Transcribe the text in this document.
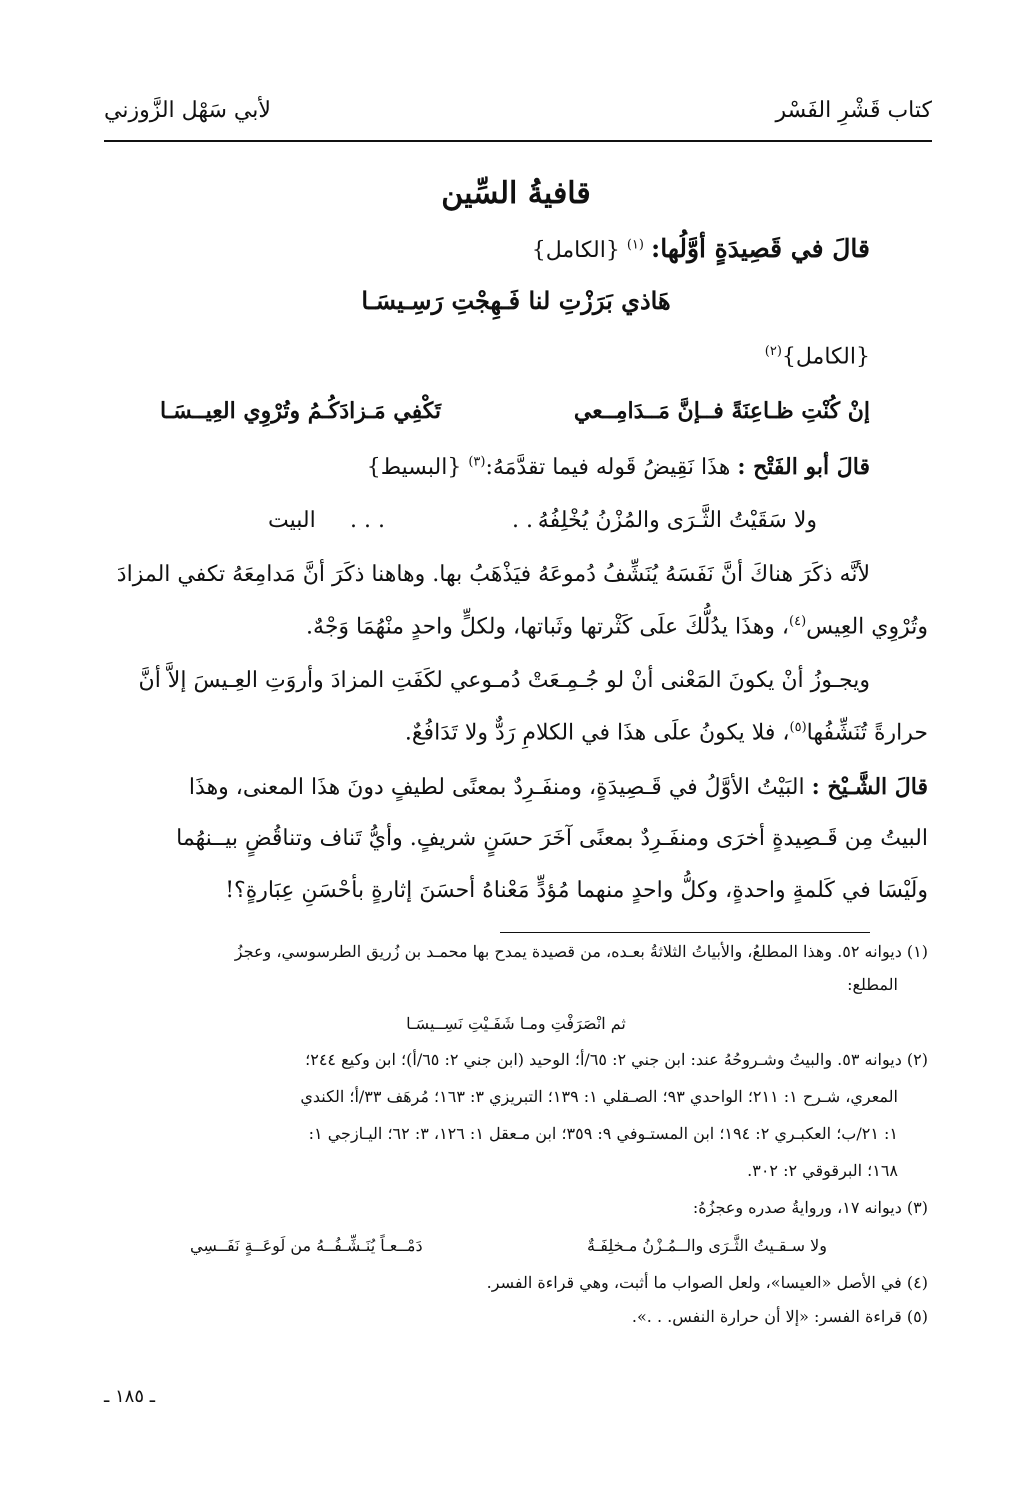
كتاب قَشْرِ الفَسْر
لأبي سَهْل الزَّوزني
قافيةُ السِّين
قالَ في قَصِيدَةٍ أوَّلُها: $^{(١)}$ {الكامل}
هَاذي بَرَزْتِ لنا فَـهِجْتِ رَسِـيسَـا
{الكامل}$^{(٢)}$
إنْ كُنْتِ ظـاعِنَةً فــإنَّ مَــدَامِــعي
تَكْفِي مَـزادَكُـمُ وتُرْوِي العِيــسَـا
قالَ أبو الفَتْح : هذَا نَقِيضُ قَوله فيما تقدَّمَهُ:$^{(٣)}$ {البسيط}
ولا سَقَيْتُ الثَّـرَى والمُزْنُ يُخْلِفُهُ
. . .
. . .
البيت
لأنَّه ذكَرَ هناكَ أنَّ نَفَسَهُ يُنَشِّفُ دُموعَهُ فيَذْهَبُ بها. وهاهنا ذكَرَ أنَّ مَدامِعَهُ تكفي المزادَ
وتُرْوِي العِيس$^{(٤)}$، وهذَا يدُلُّكَ علَى كَثْرتها وثَباتها، ولكلٍّ واحدٍ منْهُمَا وَجْهٌ.
ويجـوزُ أنْ يكونَ المَعْنى أنْ لو جُـمِـعَتْ دُمـوعي لكَفَتِ المزادَ وأروَتِ العِـيسَ إلاَّ أنَّ
حرارةً تُنَشِّفُها$^{(٥)}$، فلا يكونُ علَى هذَا في الكلامِ رَدٌّ ولا تَدَافُعٌ.
قالَ الشَّـيْخ : البَيْتُ الأوَّلُ في قَـصِيدَةٍ، ومنفَـرِدٌ بمعنًى لطيفٍ دونَ هذَا المعنى، وهذَا
البيتُ مِن قَـصِيدةٍ أخرَى ومنفَـرِدٌ بمعنًى آخَرَ حسَنٍ شريفٍ. وأيُّ تَناف وتناقُضٍ بيــنهُما
ولَيْسَا في كَلمةٍ واحدةٍ، وكلُّ واحدٍ منهما مُؤدٍّ مَعْناهُ أحسَنَ إثارةٍ بأحْسَنِ عِبَارةٍ؟!
(١) ديوانه ٥٢. وهذا المطلعُ، والأبياتُ الثلاثةُ بعـده، من قصيدة يمدح بها محمـد بن زُريق الطرسوسي، وعجزُ
المطلع:
ثم انْصَرَفْتِ ومـا شَفَـيْتِ نَسِــيسَـا
(٢) ديوانه ٥٣. والبيتُ وشـروحُهُ عند: ابن جني ٢: ٦٥/أ؛ الوحيد (ابن جني ٢: ٦٥/أ)؛ ابن وكيع ٢٤٤؛
المعري، شـرح ١: ٢١١؛ الواحدي ٩٣؛ الصـقلي ١: ١٣٩؛ التبريزي ٣: ١٦٣؛ مُرهَف ٣٣/أ؛ الكندي
١: ٢١/ب؛ العكبـري ٢: ١٩٤؛ ابن المستـوفي ٩: ٣٥٩؛ ابن مـعقل ١: ١٢٦، ٣: ٦٢؛ اليـازجي ١:
١٦٨؛ البرقوقي ٢: ٣٠٢.
(٣) ديوانه ١٧، وروايةُ صدره وعجزُهُ:
ولا سـقـيتُ الثَّـرَى والــمُـزْنُ مـخلِفَـةٌ
دَمْــعـاً يُنَـشِّـفُــهُ من لَوعَــةٍ نَفَــسِي
(٤) في الأصل «العيسا»، ولعل الصواب ما أثبت، وهي قراءة الفسر.
(٥) قراءة الفسر: «إلا أن حرارة النفس. . .».
ـ ١٨٥ ـ
